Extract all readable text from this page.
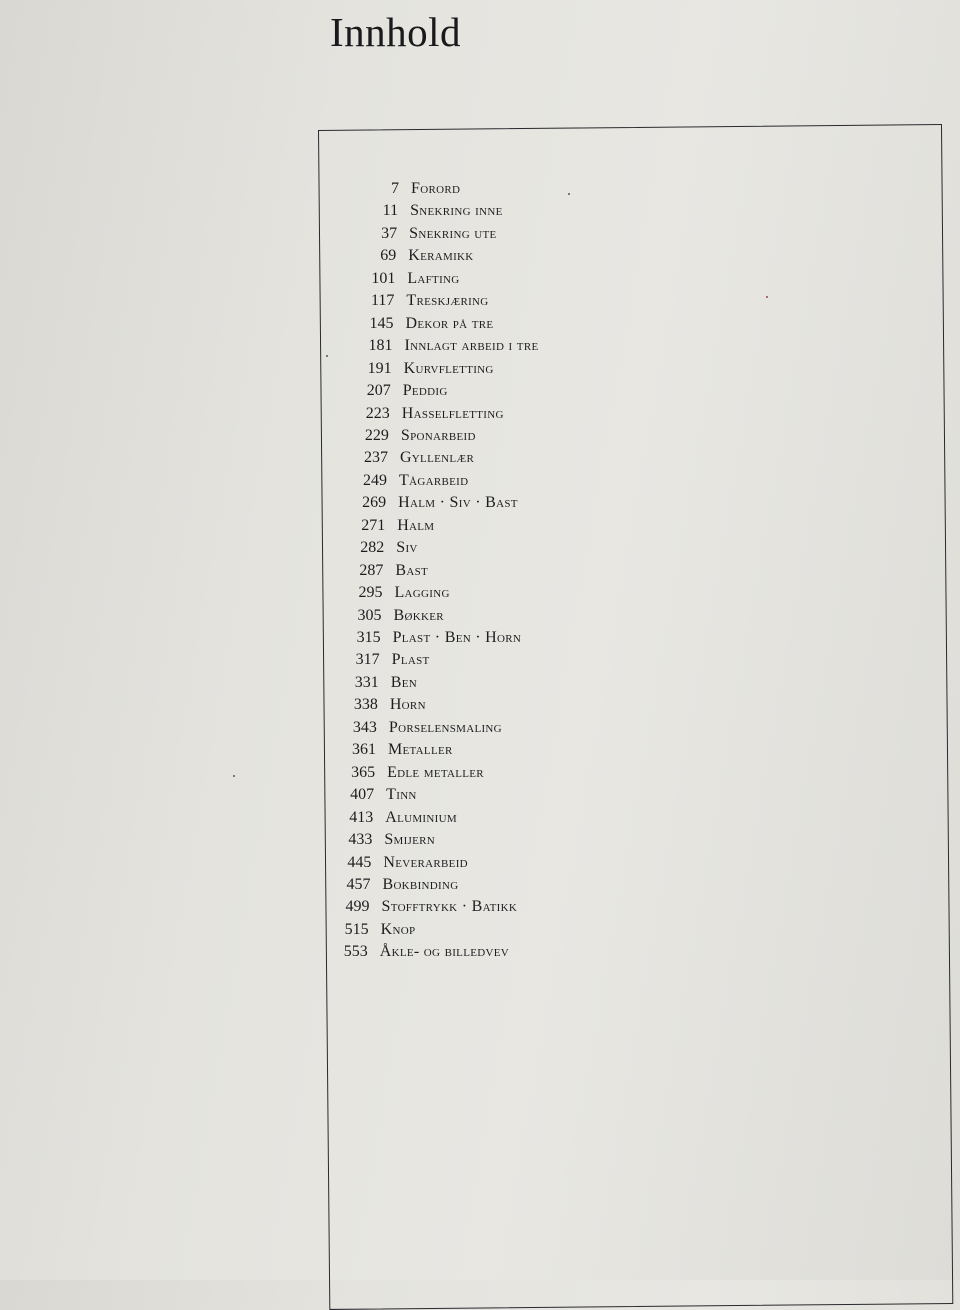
Innhold
7 Forord
11 Snekring inne
37 Snekring ute
69 Keramikk
101 Lafting
117 Treskjæring
145 Dekor på tre
181 Innlagt arbeid i tre
191 Kurvfletting
207 Peddig
223 Hasselfletting
229 Sponarbeid
237 Gyllenlær
249 Tågarbeid
269 Halm · Siv · Bast
271 Halm
282 Siv
287 Bast
295 Lagging
305 Bøkker
315 Plast · Ben · Horn
317 Plast
331 Ben
338 Horn
343 Porselensmaling
361 Metaller
365 Edle metaller
407 Tinn
413 Aluminium
433 Smijern
445 Neverarbeid
457 Bokbinding
499 Stofftrykk · Batikk
515 Knop
553 Åkle- og billedvev
